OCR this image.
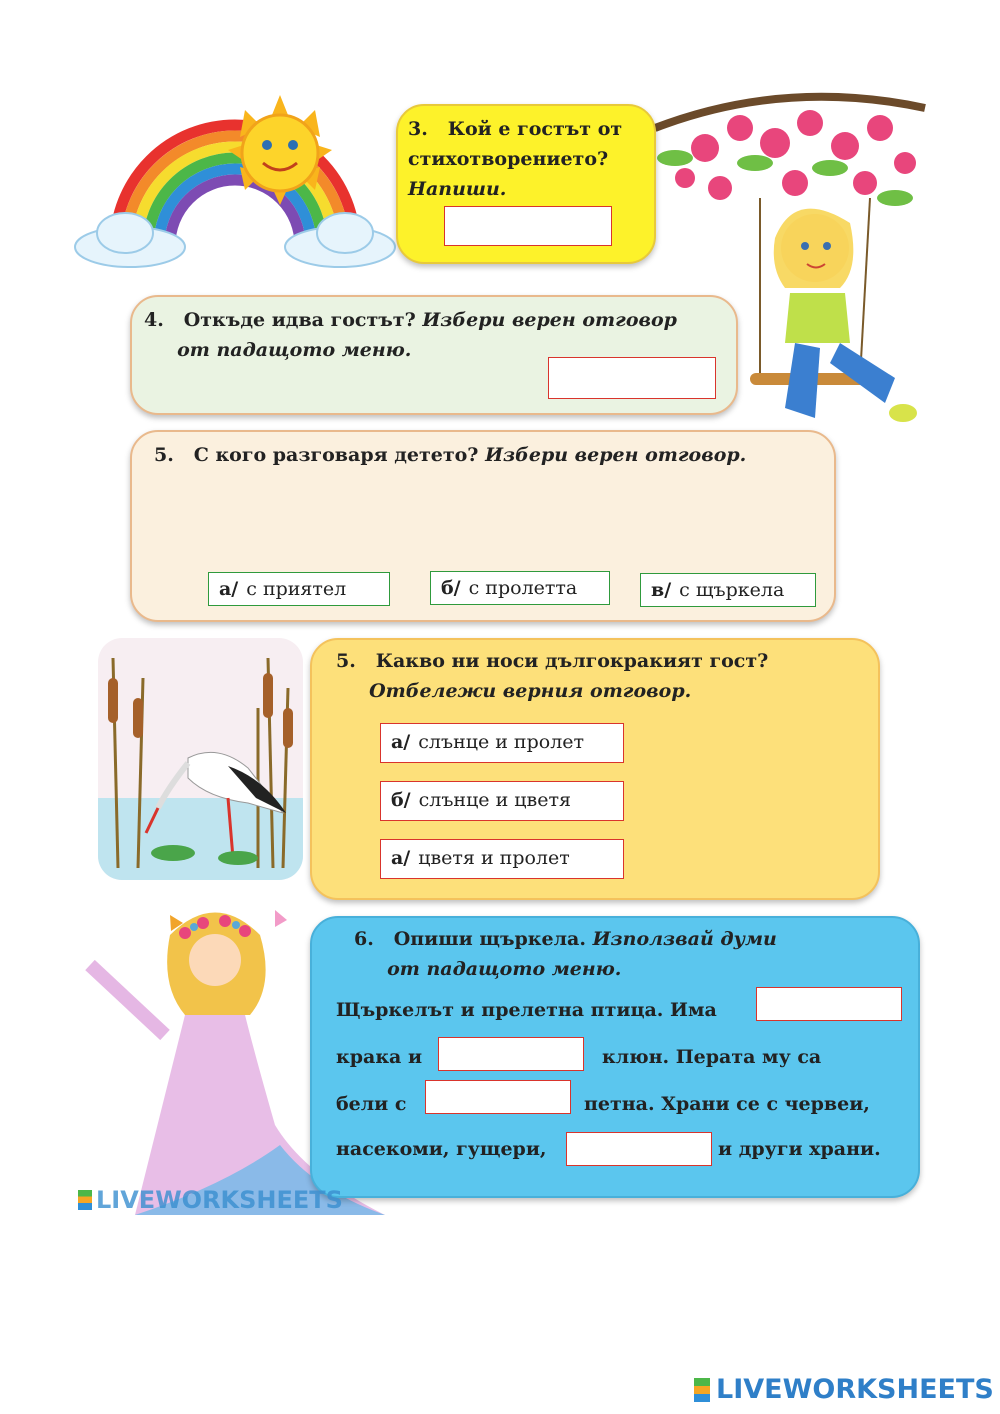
3. Кой е гостът от
стихотворението?
Напиши.
4. Откъде идва гостът? Избери верен отговор
от падащото меню.
5. С кого разговаря детето? Избери верен отговор.
а/ с приятел	б/ с пролетта	в/ с щъркела
5. Какво ни носи дългокракият гост?
Отбележи верния отговор.
а/ слънце и пролет
б/ слънце и цветя
а/ цветя и пролет
6. Опиши щъркела. Използвай думи
от падащото меню.
Щъркелът и прелетна птица. Има
крака и	клюн. Перата му са
бели с	петна. Храни се с червеи,
насекоми, гущери,	и други храни.
LIVEWORKSHEETS
LIVEWORKSHEETS
